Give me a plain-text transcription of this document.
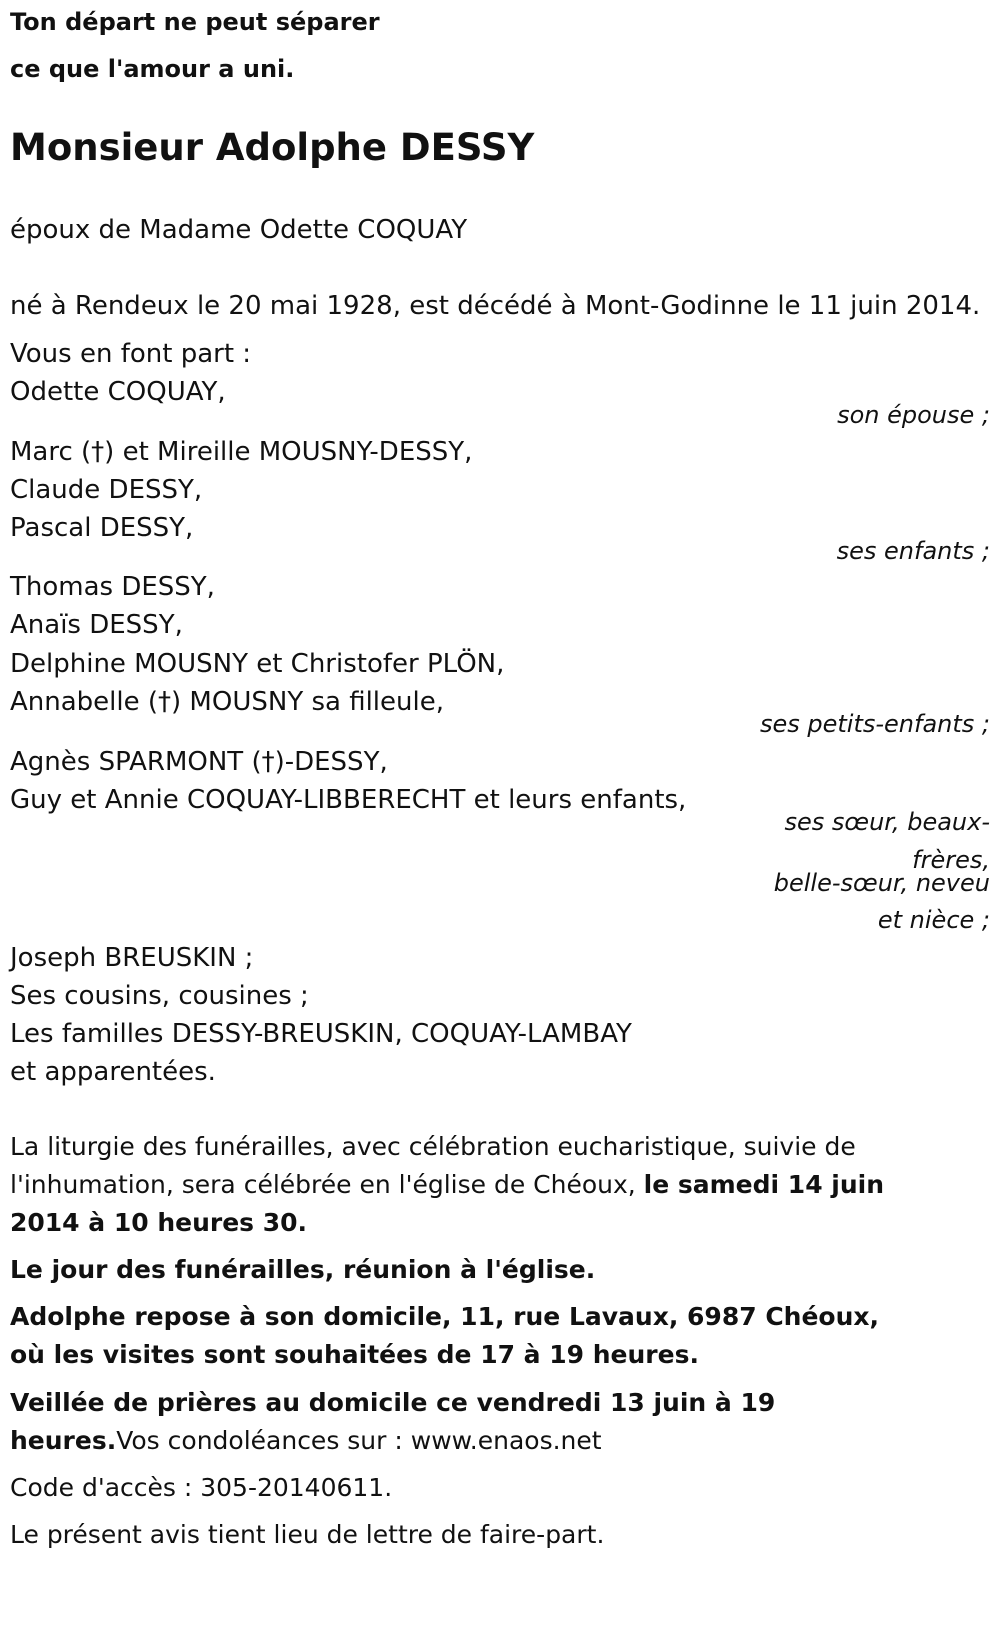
Ton départ ne peut séparer
ce que l'amour a uni.
Monsieur Adolphe DESSY
époux de Madame Odette COQUAY
né à Rendeux le 20 mai 1928, est décédé à Mont-Godinne le 11 juin 2014.
Vous en font part :
Odette COQUAY,
son épouse ;
Marc (†) et Mireille MOUSNY-DESSY,
Claude DESSY,
Pascal DESSY,
ses enfants ;
Thomas DESSY,
Anaïs DESSY,
Delphine MOUSNY et Christofer PLÖN,
Annabelle (†) MOUSNY sa filleule,
ses petits-enfants ;
Agnès SPARMONT (†)-DESSY,
Guy et Annie COQUAY-LIBBERECHT et leurs enfants,
ses sœur, beaux-
frères,
belle-sœur, neveu
et nièce ;
Joseph BREUSKIN ;
Ses cousins, cousines ;
Les familles DESSY-BREUSKIN, COQUAY-LAMBAY
et apparentées.
La liturgie des funérailles, avec célébration eucharistique, suivie de l'inhumation, sera célébrée en l'église de Chéoux, le samedi 14 juin 2014 à 10 heures 30.
Le jour des funérailles, réunion à l'église.
Adolphe repose à son domicile, 11, rue Lavaux, 6987 Chéoux, où les visites sont souhaitées de 17 à 19 heures.
Veillée de prières au domicile ce vendredi 13 juin à 19 heures.Vos condoléances sur : www.enaos.net
Code d'accès : 305-20140611.
Le présent avis tient lieu de lettre de faire-part.
